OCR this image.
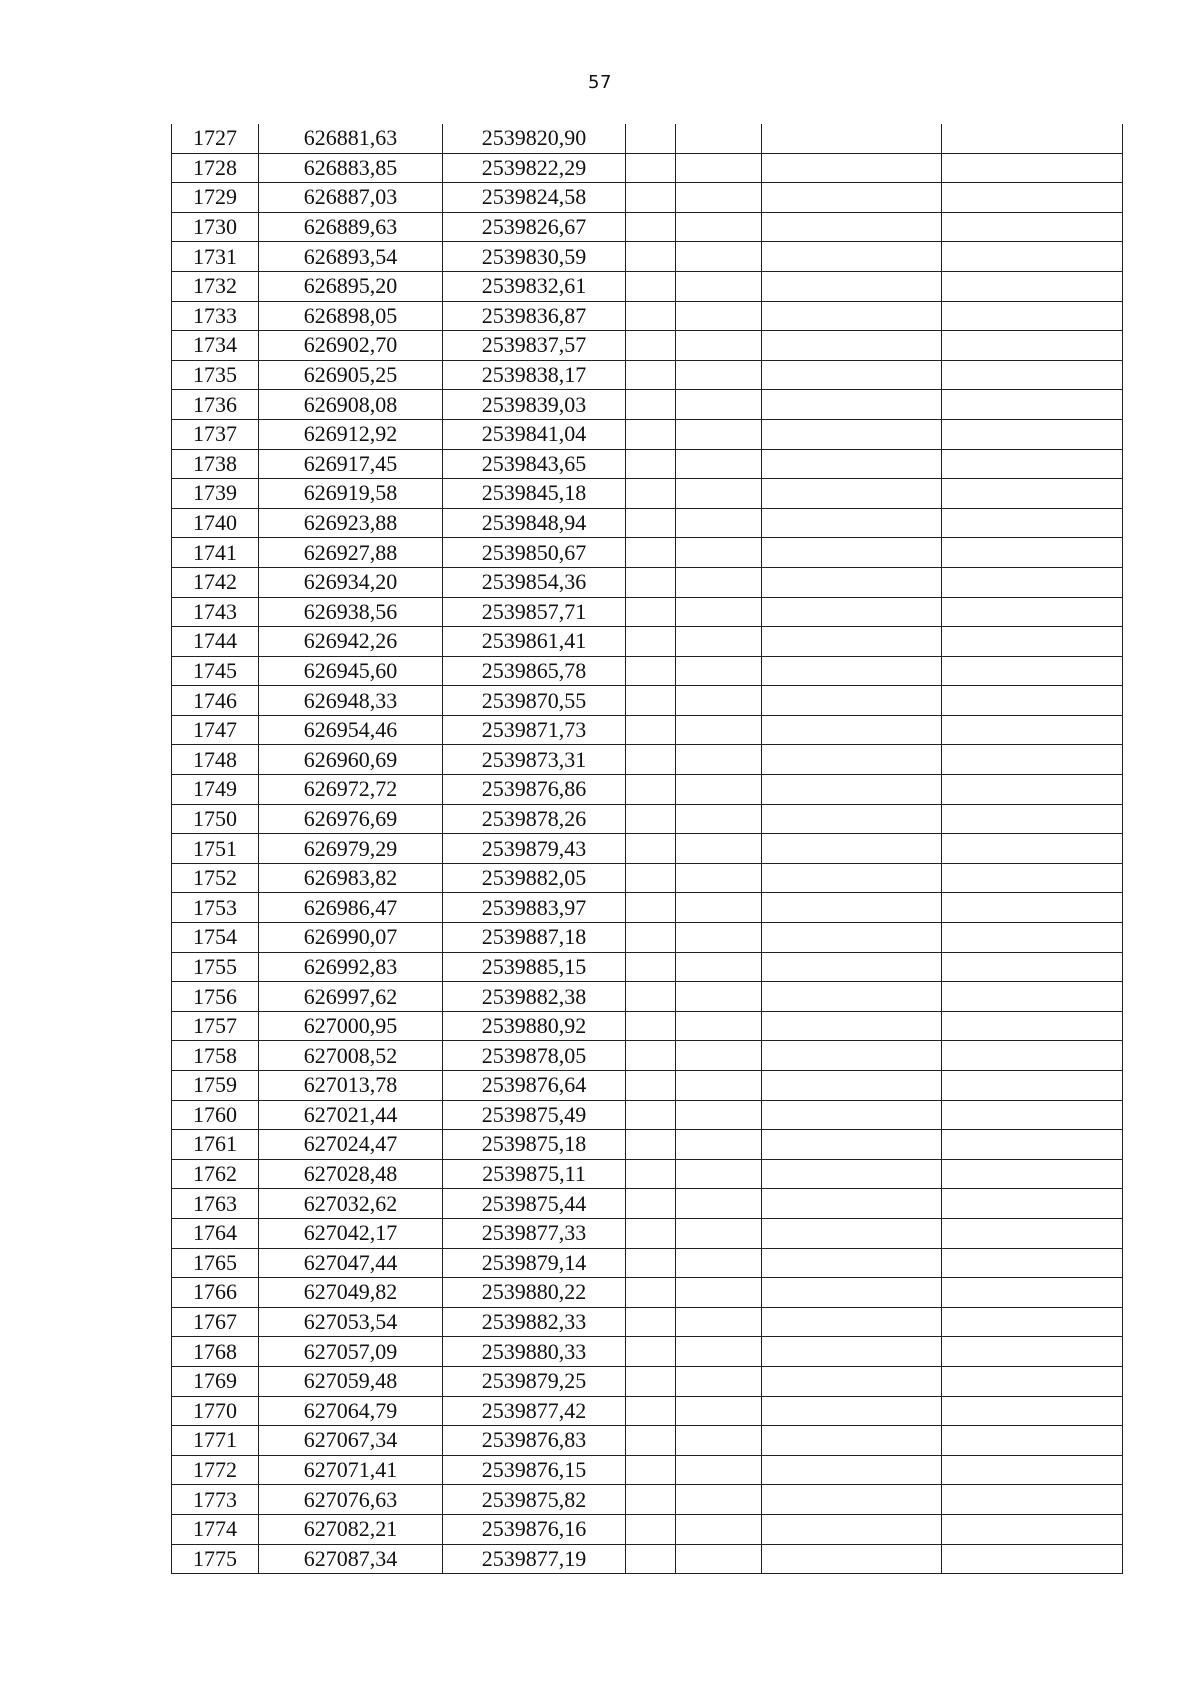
57
1727	626881,63	2539820,90				
1728	626883,85	2539822,29				
1729	626887,03	2539824,58				
1730	626889,63	2539826,67				
1731	626893,54	2539830,59				
1732	626895,20	2539832,61				
1733	626898,05	2539836,87				
1734	626902,70	2539837,57				
1735	626905,25	2539838,17				
1736	626908,08	2539839,03				
1737	626912,92	2539841,04				
1738	626917,45	2539843,65				
1739	626919,58	2539845,18				
1740	626923,88	2539848,94				
1741	626927,88	2539850,67				
1742	626934,20	2539854,36				
1743	626938,56	2539857,71				
1744	626942,26	2539861,41				
1745	626945,60	2539865,78				
1746	626948,33	2539870,55				
1747	626954,46	2539871,73				
1748	626960,69	2539873,31				
1749	626972,72	2539876,86				
1750	626976,69	2539878,26				
1751	626979,29	2539879,43				
1752	626983,82	2539882,05				
1753	626986,47	2539883,97				
1754	626990,07	2539887,18				
1755	626992,83	2539885,15				
1756	626997,62	2539882,38				
1757	627000,95	2539880,92				
1758	627008,52	2539878,05				
1759	627013,78	2539876,64				
1760	627021,44	2539875,49				
1761	627024,47	2539875,18				
1762	627028,48	2539875,11				
1763	627032,62	2539875,44				
1764	627042,17	2539877,33				
1765	627047,44	2539879,14				
1766	627049,82	2539880,22				
1767	627053,54	2539882,33				
1768	627057,09	2539880,33				
1769	627059,48	2539879,25				
1770	627064,79	2539877,42				
1771	627067,34	2539876,83				
1772	627071,41	2539876,15				
1773	627076,63	2539875,82				
1774	627082,21	2539876,16				
1775	627087,34	2539877,19				
